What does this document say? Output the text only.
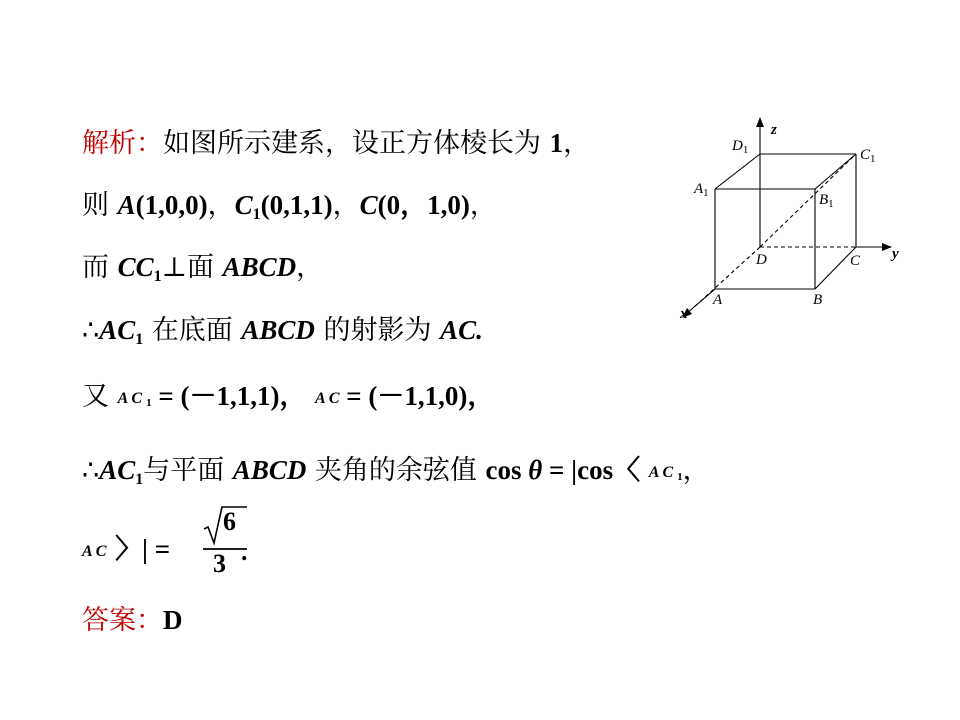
解析：如图所示建系，设正方体棱长为 1，
则 A(1,0,0)，$C_1(0,1,1)$，C(0，1,0)，
而 $CC_1\perp$面 ABCD，
$\therefore AC_1$ 在底面 ABCD 的射影为 AC.
又 A C 1 = (－1,1,1)， A C = (－1,1,0)，
$\therefore AC_1$与平面 ABCD 夹角的余弦值 cos θ = |cos〈 A C 1，
A C 〉| =
6
3 .
答案：D
$D_1$	$C_1$
$A_1$	$B_1$
D	C
A	B
x
y
z
